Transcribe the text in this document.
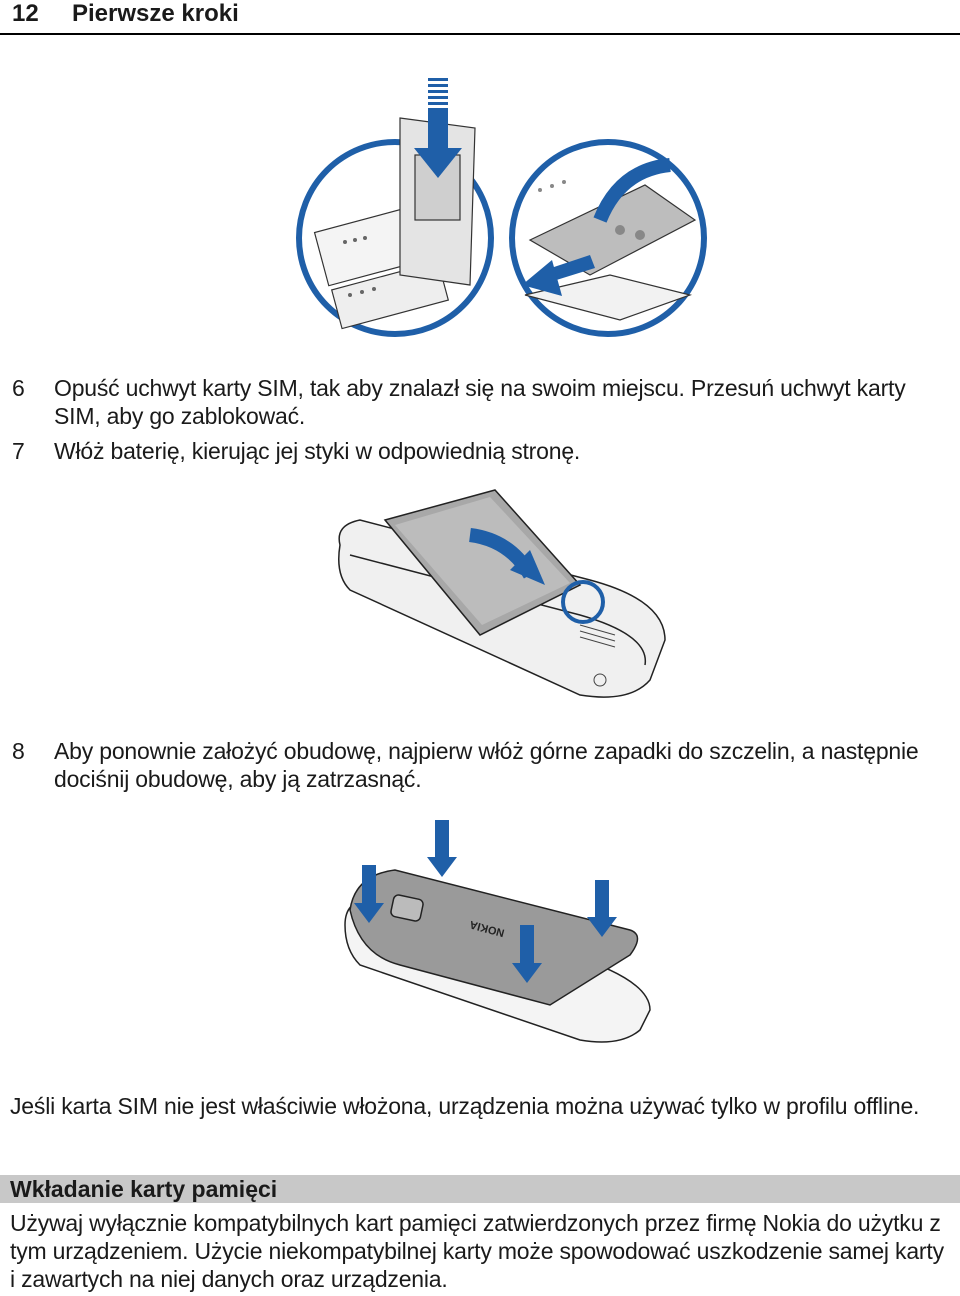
12 Pierwsze kroki
6	Opuść uchwyt karty SIM, tak aby znalazł się na swoim miejscu. Przesuń uchwyt karty SIM, aby go zablokować.
7	Włóż baterię, kierując jej styki w odpowiednią stronę.
8	Aby ponownie założyć obudowę, najpierw włóż górne zapadki do szczelin, a następnie dociśnij obudowę, aby ją zatrzasnąć.
NOKIA
Jeśli karta SIM nie jest właściwie włożona, urządzenia można używać tylko w profilu offline.
Wkładanie karty pamięci
Używaj wyłącznie kompatybilnych kart pamięci zatwierdzonych przez firmę Nokia do użytku z tym urządzeniem. Użycie niekompatybilnej karty może spowodować uszkodzenie samej karty i zawartych na niej danych oraz urządzenia.
